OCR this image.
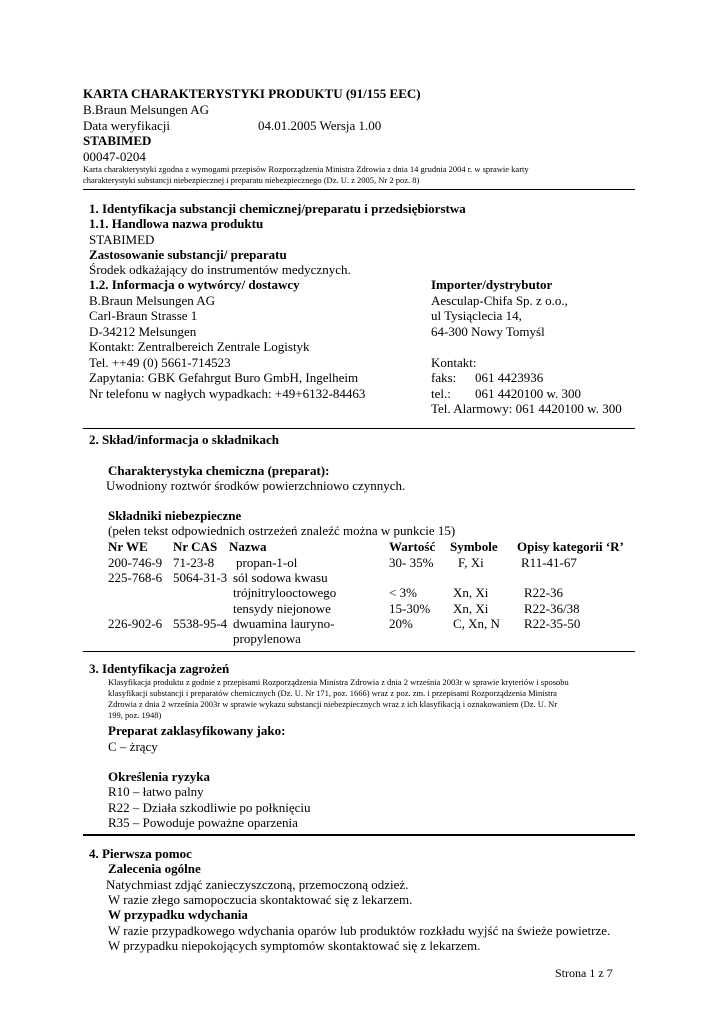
KARTA CHARAKTERYSTYKI PRODUKTU (91/155 EEC)
B.Braun Melsungen AG
Data weryfikacji	04.01.2005 Wersja 1.00
STABIMED
00047-0204
Karta charakterystyki zgodna z wymogami przepisów Rozporządzenia Ministra Zdrowia z dnia 14 grudnia 2004 r. w sprawie karty
charakterystyki substancji niebezpiecznej i preparatu niebezpiecznego (Dz. U. z 2005, Nr 2 poz. 8)
1. Identyfikacja substancji chemicznej/preparatu i przedsiębiorstwa
1.1. Handlowa nazwa produktu
STABIMED
Zastosowanie substancji/ preparatu
Środek odkażający do instrumentów medycznych.
1.2. Informacja o wytwórcy/ dostawcy
B.Braun Melsungen AG
Carl-Braun Strasse 1
D-34212 Melsungen
Kontakt: Zentralbereich Zentrale Logistyk
Tel. ++49 (0) 5661-714523
Zapytania: GBK Gefahrgut Buro GmbH, Ingelheim
Nr telefonu w nagłych wypadkach: +49+6132-84463
Importer/dystrybutor
Aesculap-Chifa Sp. z o.o.,
ul Tysiąclecia 14,
64-300 Nowy Tomyśl
Kontakt:
faks: 061 4423936
tel.: 061 4420100 w. 300
Tel. Alarmowy: 061 4420100 w. 300
2. Skład/informacja o składnikach
Charakterystyka chemiczna (preparat):
Uwodniony roztwór środków powierzchniowo czynnych.
Składniki niebezpieczne
(pełen tekst odpowiednich ostrzeżeń znaleźć można w punkcie 15)
Nr WE Nr CAS Nazwa	Wartość Symbole Opisy kategorii ‘R’
200-746-9 71-23-8 propan-1-ol	30- 35% F, Xi	R11-41-67
225-768-6 5064-31-3 sól sodowa kwasu
trójnitrylooctowego	< 3%	Xn, Xi	R22-36
tensydy niejonowe	15-30% Xn, Xi	R22-36/38
226-902-6 5538-95-4 dwuamina lauryno-	20%	C, Xn, N R22-35-50
propylenowa
3. Identyfikacja zagrożeń
Klasyfikacja produktu z godnie z przepisami Rozporządzenia Ministra Zdrowia z dnia 2 września 2003r w sprawie kryteriów i sposobu
klasyfikacji substancji i preparatów chemicznych (Dz. U. Nr 171, poz. 1666) wraz z poz. zm. i przepisami Rozporządzenia Ministra
Zdrowia z dnia 2 września 2003r w sprawie wykazu substancji niebezpiecznych wraz z ich klasyfikacją i oznakowaniem (Dz. U. Nr
199, poz. 1948)
Preparat zaklasyfikowany jako:
C – żrący
Określenia ryzyka
R10 – łatwo palny
R22 – Działa szkodliwie po połknięciu
R35 – Powoduje poważne oparzenia
4. Pierwsza pomoc
Zalecenia ogólne
Natychmiast zdjąć zanieczyszczoną, przemoczoną odzież.
W razie złego samopoczucia skontaktować się z lekarzem.
W przypadku wdychania
W razie przypadkowego wdychania oparów lub produktów rozkładu wyjść na świeże powietrze.
W przypadku niepokojących symptomów skontaktować się z lekarzem.
Strona 1 z 7
